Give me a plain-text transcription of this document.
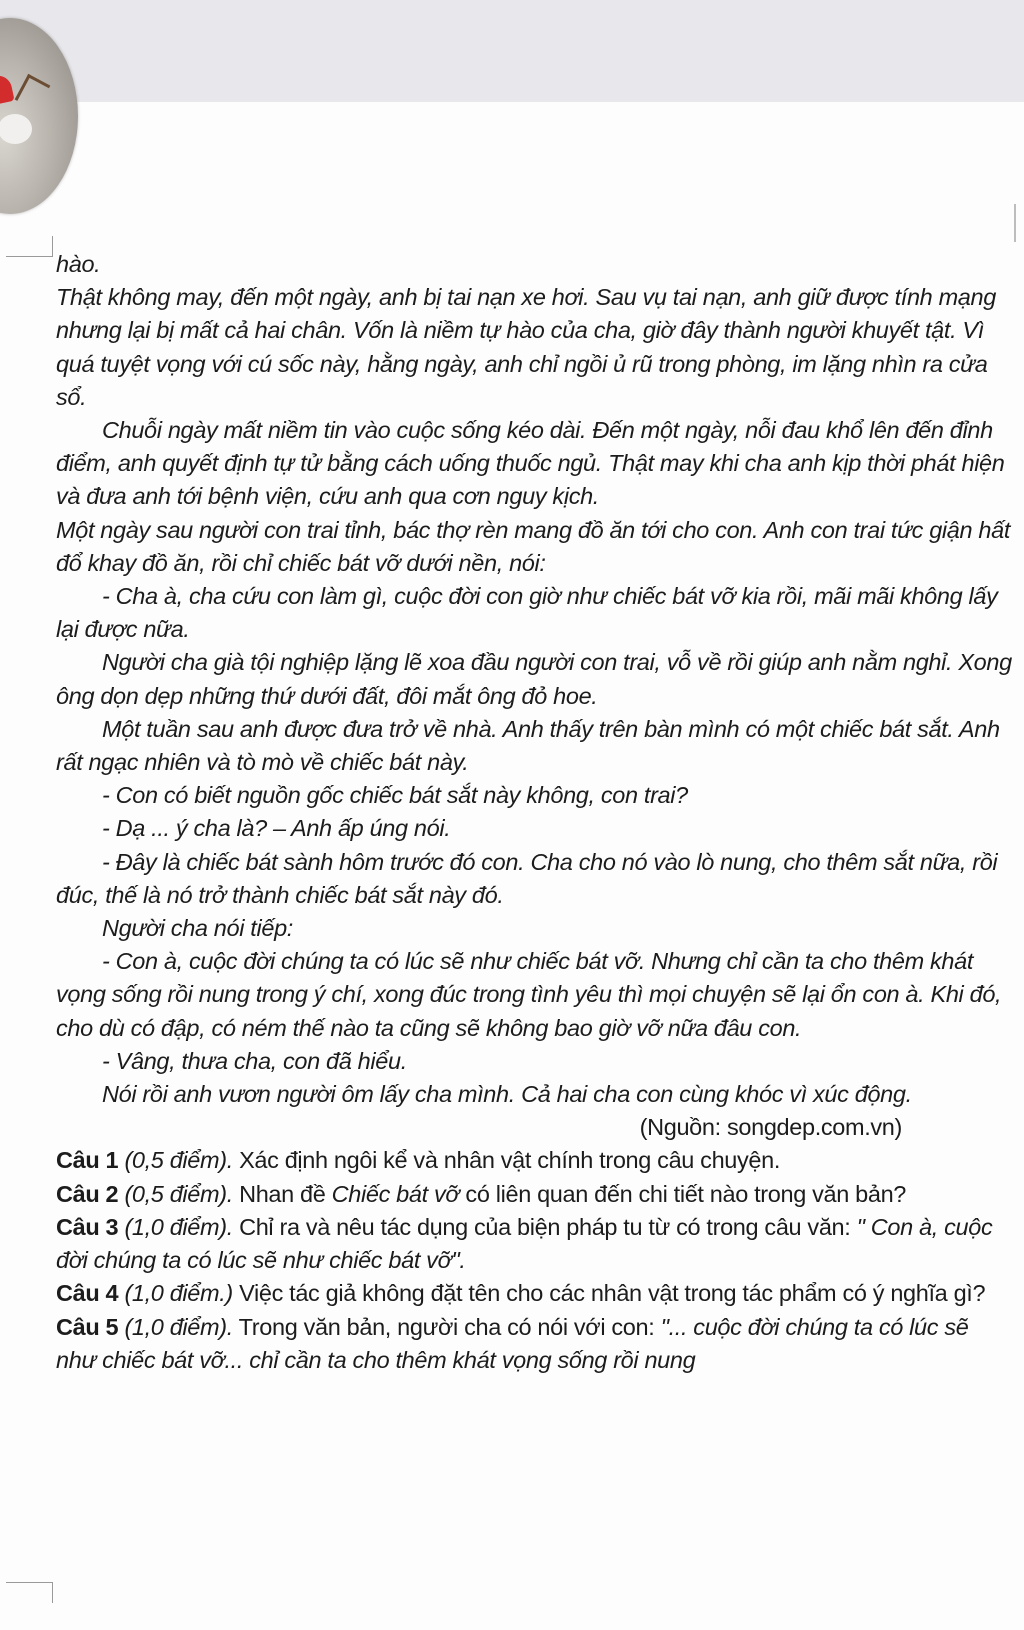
hào.

Thật không may, đến một ngày, anh bị tai nạn xe hơi. Sau vụ tai nạn, anh giữ được tính mạng nhưng lại bị mất cả hai chân. Vốn là niềm tự hào của cha, giờ đây thành người khuyết tật. Vì quá tuyệt vọng với cú sốc này, hằng ngày, anh chỉ ngồi ủ rũ trong phòng, im lặng nhìn ra cửa sổ.

Chuỗi ngày mất niềm tin vào cuộc sống kéo dài. Đến một ngày, nỗi đau khổ lên đến đỉnh điểm, anh quyết định tự tử bằng cách uống thuốc ngủ. Thật may khi cha anh kịp thời phát hiện và đưa anh tới bệnh viện, cứu anh qua cơn nguy kịch.

Một ngày sau người con trai tỉnh, bác thợ rèn mang đồ ăn tới cho con. Anh con trai tức giận hất đổ khay đồ ăn, rồi chỉ chiếc bát vỡ dưới nền, nói:

- Cha à, cha cứu con làm gì, cuộc đời con giờ như chiếc bát vỡ kia rồi, mãi mãi không lấy lại được nữa.

Người cha già tội nghiệp lặng lẽ xoa đầu người con trai, vỗ về rồi giúp anh nằm nghỉ. Xong ông dọn dẹp những thứ dưới đất, đôi mắt ông đỏ hoe.

Một tuần sau anh được đưa trở về nhà. Anh thấy trên bàn mình có một chiếc bát sắt. Anh rất ngạc nhiên và tò mò về chiếc bát này.

- Con có biết nguồn gốc chiếc bát sắt này không, con trai?

- Dạ ... ý cha là? – Anh ấp úng nói.

- Đây là chiếc bát sành hôm trước đó con. Cha cho nó vào lò nung, cho thêm sắt nữa, rồi đúc, thế là nó trở thành chiếc bát sắt này đó.

Người cha nói tiếp:

- Con à, cuộc đời chúng ta có lúc sẽ như chiếc bát vỡ. Nhưng chỉ cần ta cho thêm khát vọng sống rồi nung trong ý chí, xong đúc trong tình yêu thì mọi chuyện sẽ lại ổn con à. Khi đó, cho dù có đập, có ném thế nào ta cũng sẽ không bao giờ vỡ nữa đâu con.

- Vâng, thưa cha, con đã hiểu.

Nói rồi anh vươn người ôm lấy cha mình. Cả hai cha con cùng khóc vì xúc động.

(Nguồn: songdep.com.vn)

Câu 1 (0,5 điểm). Xác định ngôi kể và nhân vật chính trong câu chuyện.

Câu 2 (0,5 điểm). Nhan đề Chiếc bát vỡ có liên quan đến chi tiết nào trong văn bản?

Câu 3 (1,0 điểm). Chỉ ra và nêu tác dụng của biện pháp tu từ có trong câu văn: " Con à, cuộc đời chúng ta có lúc sẽ như chiếc bát vỡ".

Câu 4 (1,0 điểm.) Việc tác giả không đặt tên cho các nhân vật trong tác phẩm có ý nghĩa gì?

Câu 5 (1,0 điểm). Trong văn bản, người cha có nói với con: "... cuộc đời chúng ta có lúc sẽ như chiếc bát vỡ... chỉ cần ta cho thêm khát vọng sống rồi nung
